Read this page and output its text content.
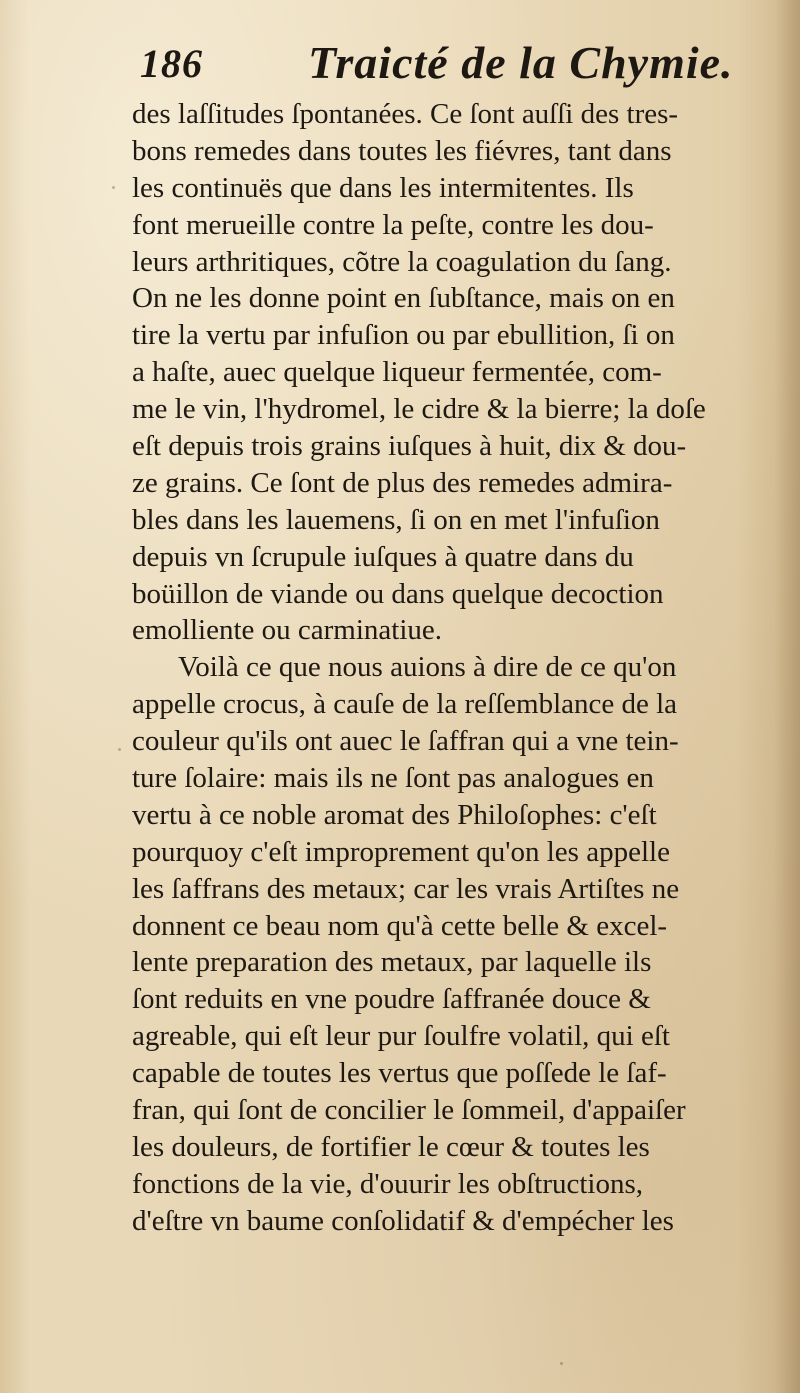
186 Traicté de la Chymie.
des laſſitudes ſpontanées. Ce ſont auſſi des tres-
bons remedes dans toutes les fiévres, tant dans
les continuës que dans les intermitentes. Ils
font merueille contre la peſte, contre les dou-
leurs arthritiques, cõtre la coagulation du ſang.
On ne les donne point en ſubſtance, mais on en
tire la vertu par infuſion ou par ebullition, ſi on
a haſte, auec quelque liqueur fermentée, com-
me le vin, l'hydromel, le cidre & la bierre; la doſe
eſt depuis trois grains iuſques à huit, dix & dou-
ze grains. Ce ſont de plus des remedes admira-
bles dans les lauemens, ſi on en met l'infuſion
depuis vn ſcrupule iuſques à quatre dans du
boüillon de viande ou dans quelque decoction
emolliente ou carminatiue.
Voilà ce que nous auions à dire de ce qu'on
appelle crocus, à cauſe de la reſſemblance de la
couleur qu'ils ont auec le ſaffran qui a vne tein-
ture ſolaire: mais ils ne ſont pas analogues en
vertu à ce noble aromat des Philoſophes: c'eſt
pourquoy c'eſt improprement qu'on les appelle
les ſaffrans des metaux; car les vrais Artiſtes ne
donnent ce beau nom qu'à cette belle & excel-
lente preparation des metaux, par laquelle ils
ſont reduits en vne poudre ſaffranée douce &
agreable, qui eſt leur pur ſoulfre volatil, qui eſt
capable de toutes les vertus que poſſede le ſaf-
fran, qui ſont de concilier le ſommeil, d'appaiſer
les douleurs, de fortifier le cœur & toutes les
fonctions de la vie, d'ouurir les obſtructions,
d'eſtre vn baume conſolidatif & d'empécher les
